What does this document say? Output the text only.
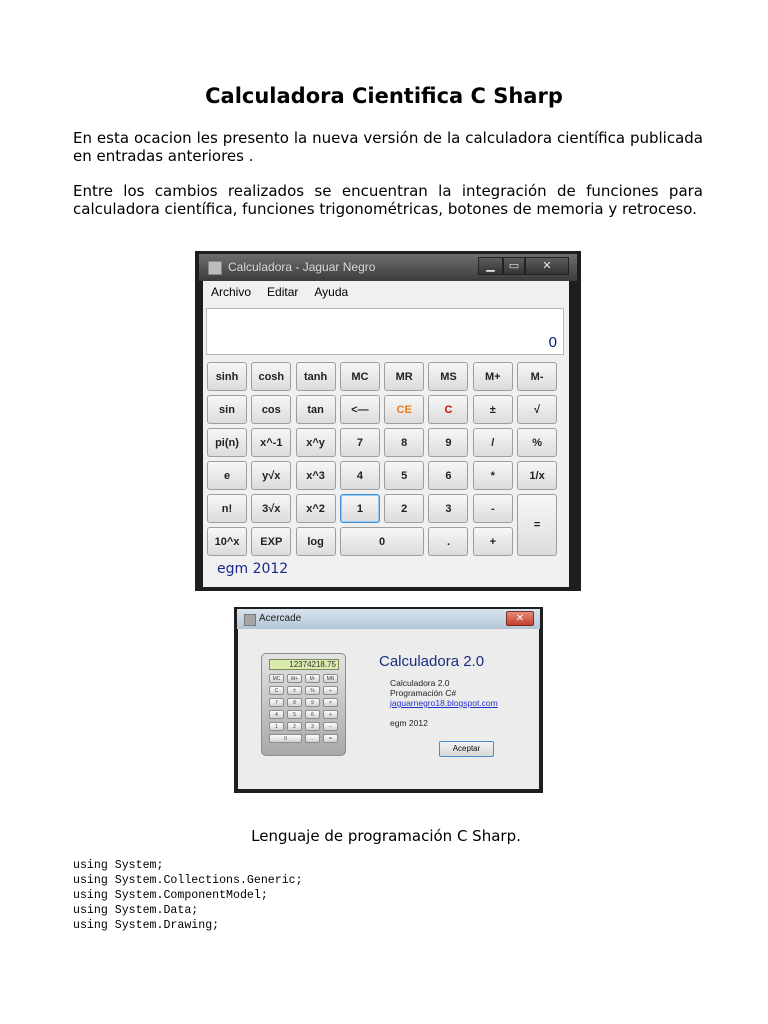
Calculadora Cientifica C Sharp
En esta ocacion les presento la nueva versión de la calculadora científica publicada en entradas anteriores .
Entre los cambios realizados se encuentran la integración de funciones para calculadora científica, funciones trigonométricas, botones de memoria y retroceso.
Calculadora - Jaguar Negro	▁	▭	✕
Archivo	Editar	Ayuda
0
sinh	cosh	tanh	MC	MR	MS	M+	M-
sin	cos	tan	<—	CE	C	±	√
pi(n)	x^-1	x^y	7	8	9	/	%
e	y√x	x^3	4	5	6	*	1/x
n!	3√x	x^2	1	2	3	-
=
10^x	EXP	log	0	.	+
egm 2012
Acercade	✕
12374218.75
MC	M+	M-	MR
C	±	%	÷
7	8	9	×
4	5	6	+
1	2	3	−
0	.	=
Calculadora 2.0
Calculadora 2.0
Programación C#
jaguarnegro18.blogspot.com
egm 2012
Aceptar
Lenguaje de programación C Sharp.
using System;
using System.Collections.Generic;
using System.ComponentModel;
using System.Data;
using System.Drawing;
